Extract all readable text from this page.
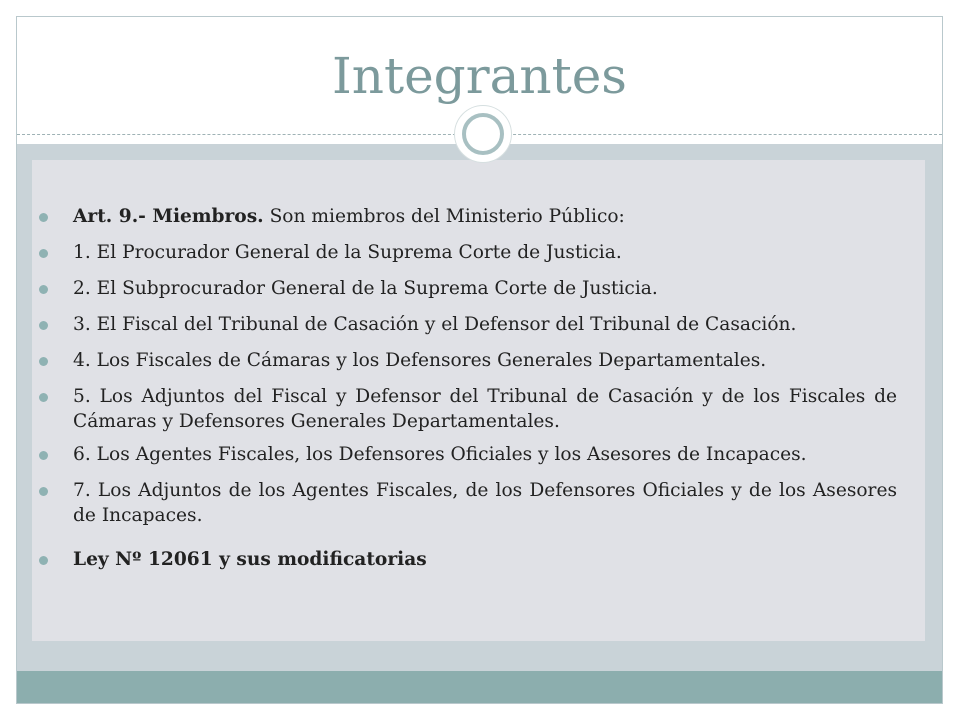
Integrantes
Art. 9.- Miembros. Son miembros del Ministerio Público:
1. El Procurador General de la Suprema Corte de Justicia.
2. El Subprocurador General de la Suprema Corte de Justicia.
3. El Fiscal del Tribunal de Casación y el Defensor del Tribunal de Casación.
4. Los Fiscales de Cámaras y los Defensores Generales Departamentales.
5. Los Adjuntos del Fiscal y Defensor del Tribunal de Casación y de los Fiscales de Cámaras y Defensores Generales Departamentales.
6. Los Agentes Fiscales, los Defensores Oficiales y los Asesores de Incapaces.
7. Los Adjuntos de los Agentes Fiscales, de los Defensores Oficiales y de los Asesores de Incapaces.
Ley Nº 12061 y sus modificatorias
